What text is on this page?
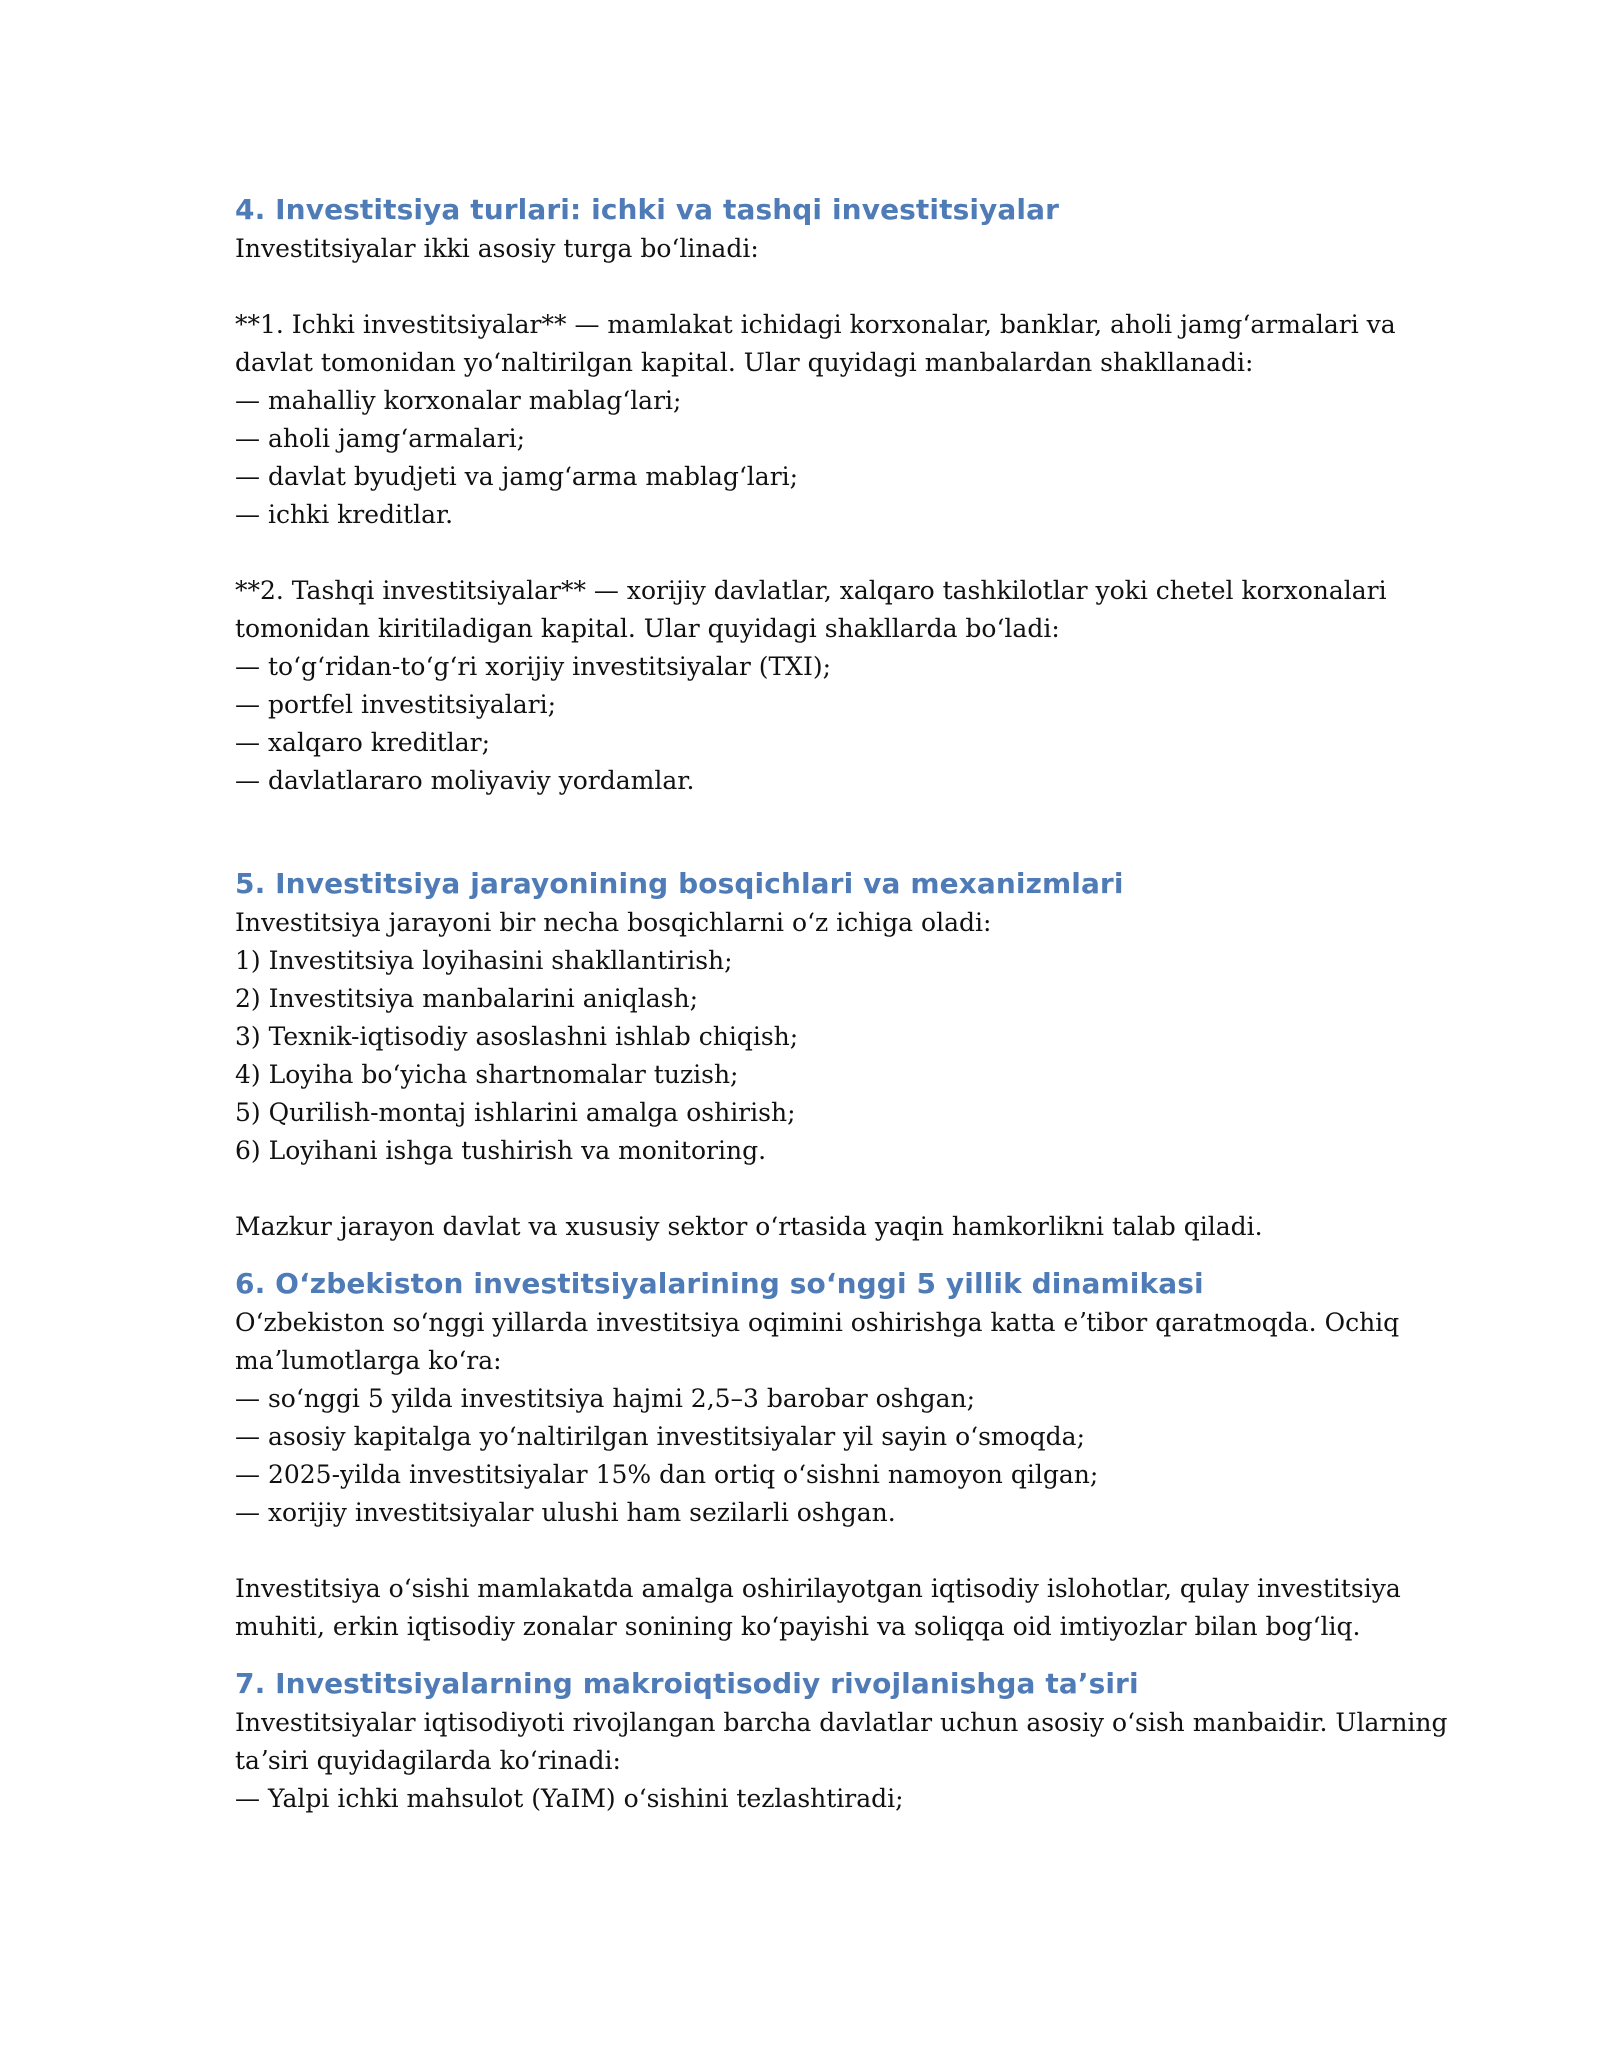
4. Investitsiya turlari: ichki va tashqi investitsiyalar

Investitsiyalar ikki asosiy turga boʻlinadi:

**1. Ichki investitsiyalar** — mamlakat ichidagi korxonalar, banklar, aholi jamgʻarmalari va

davlat tomonidan yoʻnaltirilgan kapital. Ular quyidagi manbalardan shakllanadi:

— mahalliy korxonalar mablagʻlari;

— aholi jamgʻarmalari;

— davlat byudjeti va jamgʻarma mablagʻlari;

— ichki kreditlar.

**2. Tashqi investitsiyalar** — xorijiy davlatlar, xalqaro tashkilotlar yoki chetel korxonalari

tomonidan kiritiladigan kapital. Ular quyidagi shakllarda boʻladi:

— toʻgʻridan-toʻgʻri xorijiy investitsiyalar (TXI);

— portfel investitsiyalari;

— xalqaro kreditlar;

— davlatlararo moliyaviy yordamlar.

5. Investitsiya jarayonining bosqichlari va mexanizmlari

Investitsiya jarayoni bir necha bosqichlarni oʻz ichiga oladi:

1) Investitsiya loyihasini shakllantirish;

2) Investitsiya manbalarini aniqlash;

3) Texnik-iqtisodiy asoslashni ishlab chiqish;

4) Loyiha boʻyicha shartnomalar tuzish;

5) Qurilish-montaj ishlarini amalga oshirish;

6) Loyihani ishga tushirish va monitoring.

Mazkur jarayon davlat va xususiy sektor oʻrtasida yaqin hamkorlikni talab qiladi.

6. Oʻzbekiston investitsiyalarining soʻnggi 5 yillik dinamikasi

Oʻzbekiston soʻnggi yillarda investitsiya oqimini oshirishga katta eʼtibor qaratmoqda. Ochiq

maʼlumotlarga koʻra:

— soʻnggi 5 yilda investitsiya hajmi 2,5–3 barobar oshgan;

— asosiy kapitalga yoʻnaltirilgan investitsiyalar yil sayin oʻsmoqda;

— 2025-yilda investitsiyalar 15% dan ortiq oʻsishni namoyon qilgan;

— xorijiy investitsiyalar ulushi ham sezilarli oshgan.

Investitsiya oʻsishi mamlakatda amalga oshirilayotgan iqtisodiy islohotlar, qulay investitsiya

muhiti, erkin iqtisodiy zonalar sonining koʻpayishi va soliqqa oid imtiyozlar bilan bogʻliq.

7. Investitsiyalarning makroiqtisodiy rivojlanishga taʼsiri

Investitsiyalar iqtisodiyoti rivojlangan barcha davlatlar uchun asosiy oʻsish manbaidir. Ularning

taʼsiri quyidagilarda koʻrinadi:

— Yalpi ichki mahsulot (YaIM) oʻsishini tezlashtiradi;
